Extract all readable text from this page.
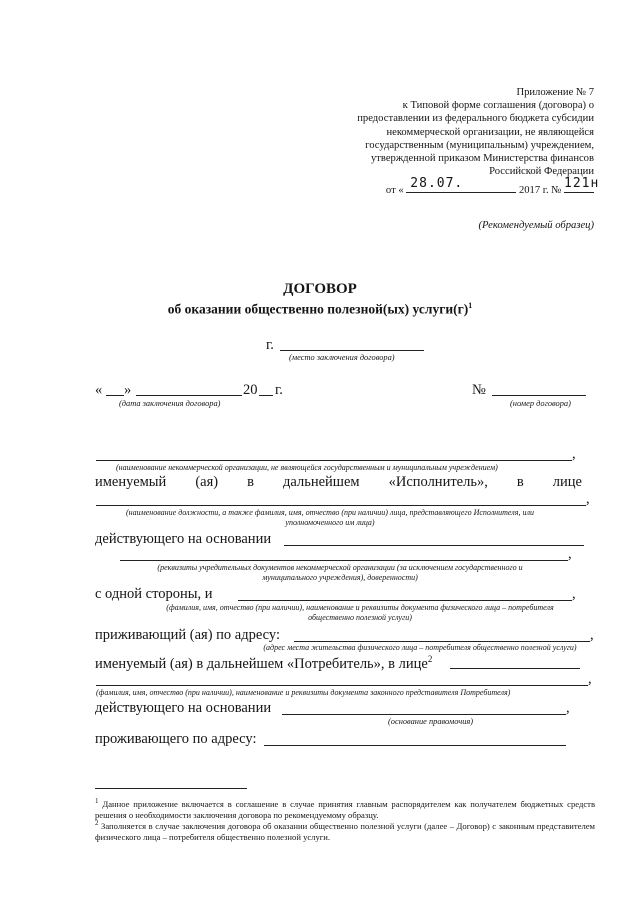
Приложение № 7
к Типовой форме соглашения (договора) о
предоставлении из федерального бюджета субсидии
некоммерческой организации, не являющейся
государственным (муниципальным) учреждением,
утвержденной приказом Министерства финансов
Российской Федерации
от « 28.07.	2017 г. № 121н
(Рекомендуемый образец)
ДОГОВОР
об оказании общественно полезной(ых) $услуги(г)^1$
г.
(место заключения договора)
« »	20 г.
(дата заключения договора)
№
(номер договора)
,
(наименование некоммерческой организации, не являющейся государственным и муниципальным учреждением)
именуемый (ая) в дальнейшем «Исполнитель», в лице
,
(наименование должности, а также фамилия, имя, отчество (при наличии) лица, представляющего Исполнителя, или
уполномоченного им лица)
действующего на основании
,
(реквизиты учредительных документов некоммерческой организации (за исключением государственного и
муниципального учреждения), доверенности)
с одной стороны, и	,
(фамилия, имя, отчество (при наличии), наименование и реквизиты документа физического лица – потребителя
общественно полезной услуги)
приживающий (ая) по адресу:	,
(адрес места жительства физического лица – потребителя общественно полезной услуги)
именуемый (ая) в дальнейшем «Потребитель», в лице$^2$
,
(фамилия, имя, отчество (при наличии), наименование и реквизиты документа законного представителя Потребителя)
действующего на основании	,
(основание правомочия)
проживающего по адресу:
$^1$ Данное приложение включается в соглашение в случае принятия главным распорядителем как получателем бюджетных средств решения о необходимости заключения договора по рекомендуемому образцу.
$^2$ Заполняется в случае заключения договора об оказании общественно полезной услуги (далее – Договор) с законным представителем физического лица – потребителя общественно полезной услуги.
